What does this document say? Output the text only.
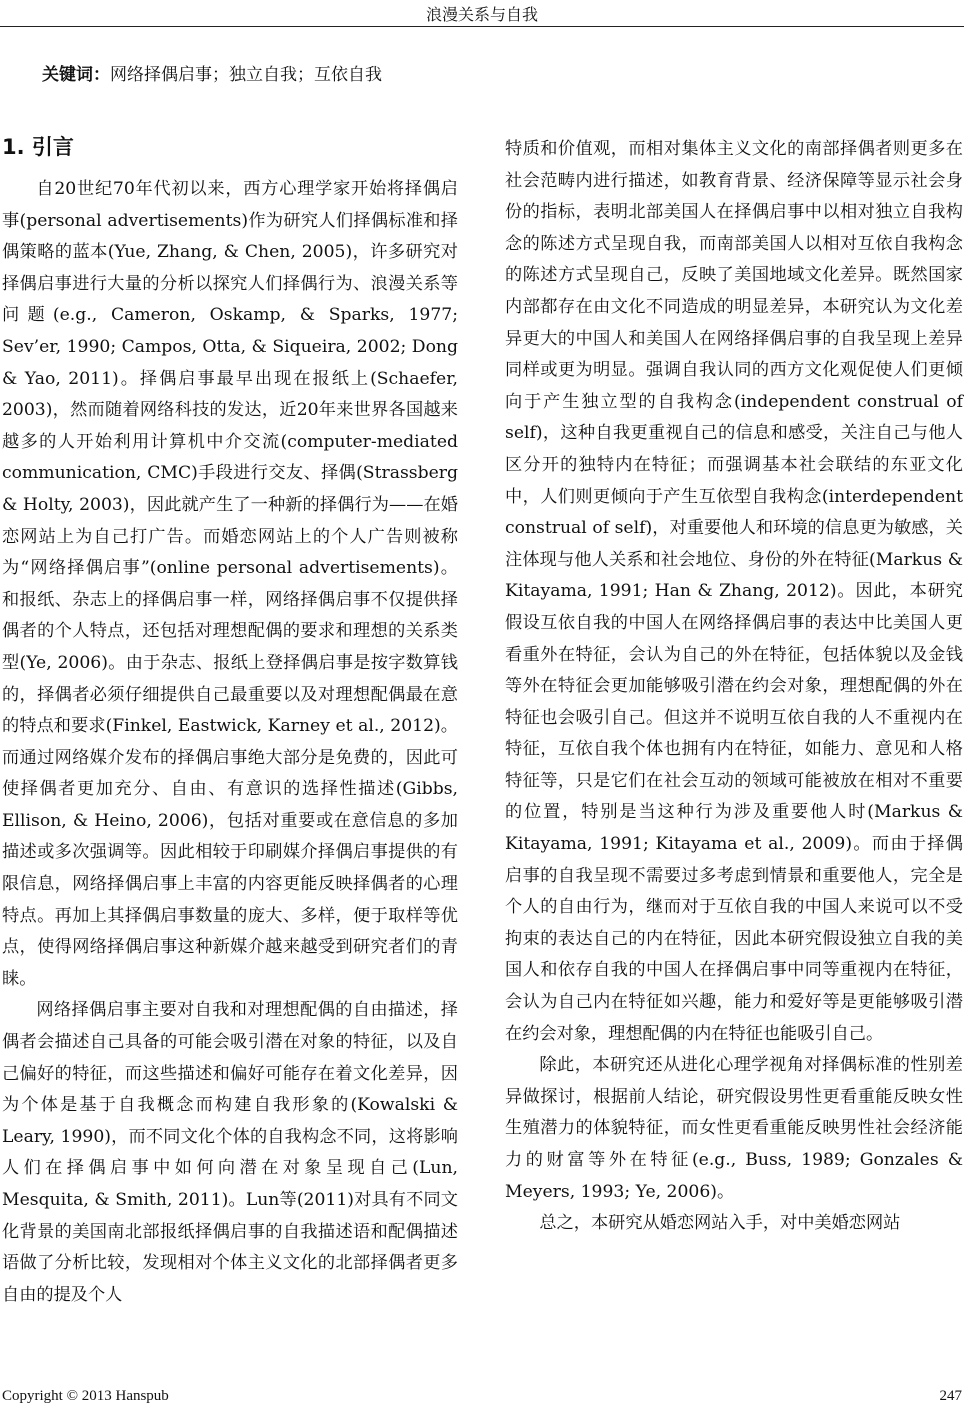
浪漫关系与自我
关键词：网络择偶启事；独立自我；互依自我
1. 引言

自20世纪70年代初以来，西方心理学家开始将择偶启事(personal advertisements)作为研究人们择偶标准和择偶策略的蓝本(Yue, Zhang, & Chen, 2005)，许多研究对择偶启事进行大量的分析以探究人们择偶行为、浪漫关系等问题(e.g., Cameron, Oskamp, & Sparks, 1977; Sev’er, 1990; Campos, Otta, & Siqueira, 2002; Dong & Yao, 2011)。择偶启事最早出现在报纸上(Schaefer, 2003)，然而随着网络科技的发达，近20年来世界各国越来越多的人开始利用计算机中介交流(computer-mediated communication, CMC)手段进行交友、择偶(Strassberg & Holty, 2003)，因此就产生了一种新的择偶行为——在婚恋网站上为自己打广告。而婚恋网站上的个人广告则被称为“网络择偶启事”(online personal advertisements)。和报纸、杂志上的择偶启事一样，网络择偶启事不仅提供择偶者的个人特点，还包括对理想配偶的要求和理想的关系类型(Ye, 2006)。由于杂志、报纸上登择偶启事是按字数算钱的，择偶者必须仔细提供自己最重要以及对理想配偶最在意的特点和要求(Finkel, Eastwick, Karney et al., 2012)。而通过网络媒介发布的择偶启事绝大部分是免费的，因此可使择偶者更加充分、自由、有意识的选择性描述(Gibbs, Ellison, & Heino, 2006)，包括对重要或在意信息的多加描述或多次强调等。因此相较于印刷媒介择偶启事提供的有限信息，网络择偶启事上丰富的内容更能反映择偶者的心理特点。再加上其择偶启事数量的庞大、多样，便于取样等优点，使得网络择偶启事这种新媒介越来越受到研究者们的青睐。

网络择偶启事主要对自我和对理想配偶的自由描述，择偶者会描述自己具备的可能会吸引潜在对象的特征，以及自己偏好的特征，而这些描述和偏好可能存在着文化差异，因为个体是基于自我概念而构建自我形象的(Kowalski & Leary, 1990)，而不同文化个体的自我构念不同，这将影响人们在择偶启事中如何向潜在对象呈现自己(Lun, Mesquita, & Smith, 2011)。Lun等(2011)对具有不同文化背景的美国南北部报纸择偶启事的自我描述语和配偶描述语做了分析比较，发现相对个体主义文化的北部择偶者更多自由的提及个人

特质和价值观，而相对集体主义文化的南部择偶者则更多在社会范畴内进行描述，如教育背景、经济保障等显示社会身份的指标，表明北部美国人在择偶启事中以相对独立自我构念的陈述方式呈现自我，而南部美国人以相对互依自我构念的陈述方式呈现自己，反映了美国地域文化差异。既然国家内部都存在由文化不同造成的明显差异，本研究认为文化差异更大的中国人和美国人在网络择偶启事的自我呈现上差异同样或更为明显。强调自我认同的西方文化观促使人们更倾向于产生独立型的自我构念(independent construal of self)，这种自我更重视自己的信息和感受，关注自己与他人区分开的独特内在特征；而强调基本社会联结的东亚文化中，人们则更倾向于产生互依型自我构念(interdependent construal of self)，对重要他人和环境的信息更为敏感，关注体现与他人关系和社会地位、身份的外在特征(Markus & Kitayama, 1991; Han & Zhang, 2012)。因此，本研究假设互依自我的中国人在网络择偶启事的表达中比美国人更看重外在特征，会认为自己的外在特征，包括体貌以及金钱等外在特征会更加能够吸引潜在约会对象，理想配偶的外在特征也会吸引自己。但这并不说明互依自我的人不重视内在特征，互依自我个体也拥有内在特征，如能力、意见和人格特征等，只是它们在社会互动的领域可能被放在相对不重要的位置，特别是当这种行为涉及重要他人时(Markus & Kitayama, 1991; Kitayama et al., 2009)。而由于择偶启事的自我呈现不需要过多考虑到情景和重要他人，完全是个人的自由行为，继而对于互依自我的中国人来说可以不受拘束的表达自己的内在特征，因此本研究假设独立自我的美国人和依存自我的中国人在择偶启事中同等重视内在特征，会认为自己内在特征如兴趣，能力和爱好等是更能够吸引潜在约会对象，理想配偶的内在特征也能吸引自己。

除此，本研究还从进化心理学视角对择偶标准的性别差异做探讨，根据前人结论，研究假设男性更看重能反映女性生殖潜力的体貌特征，而女性更看重能反映男性社会经济能力的财富等外在特征(e.g., Buss, 1989; Gonzales & Meyers, 1993; Ye, 2006)。

总之，本研究从婚恋网站入手，对中美婚恋网站

Copyright © 2013 Hanspub	247
